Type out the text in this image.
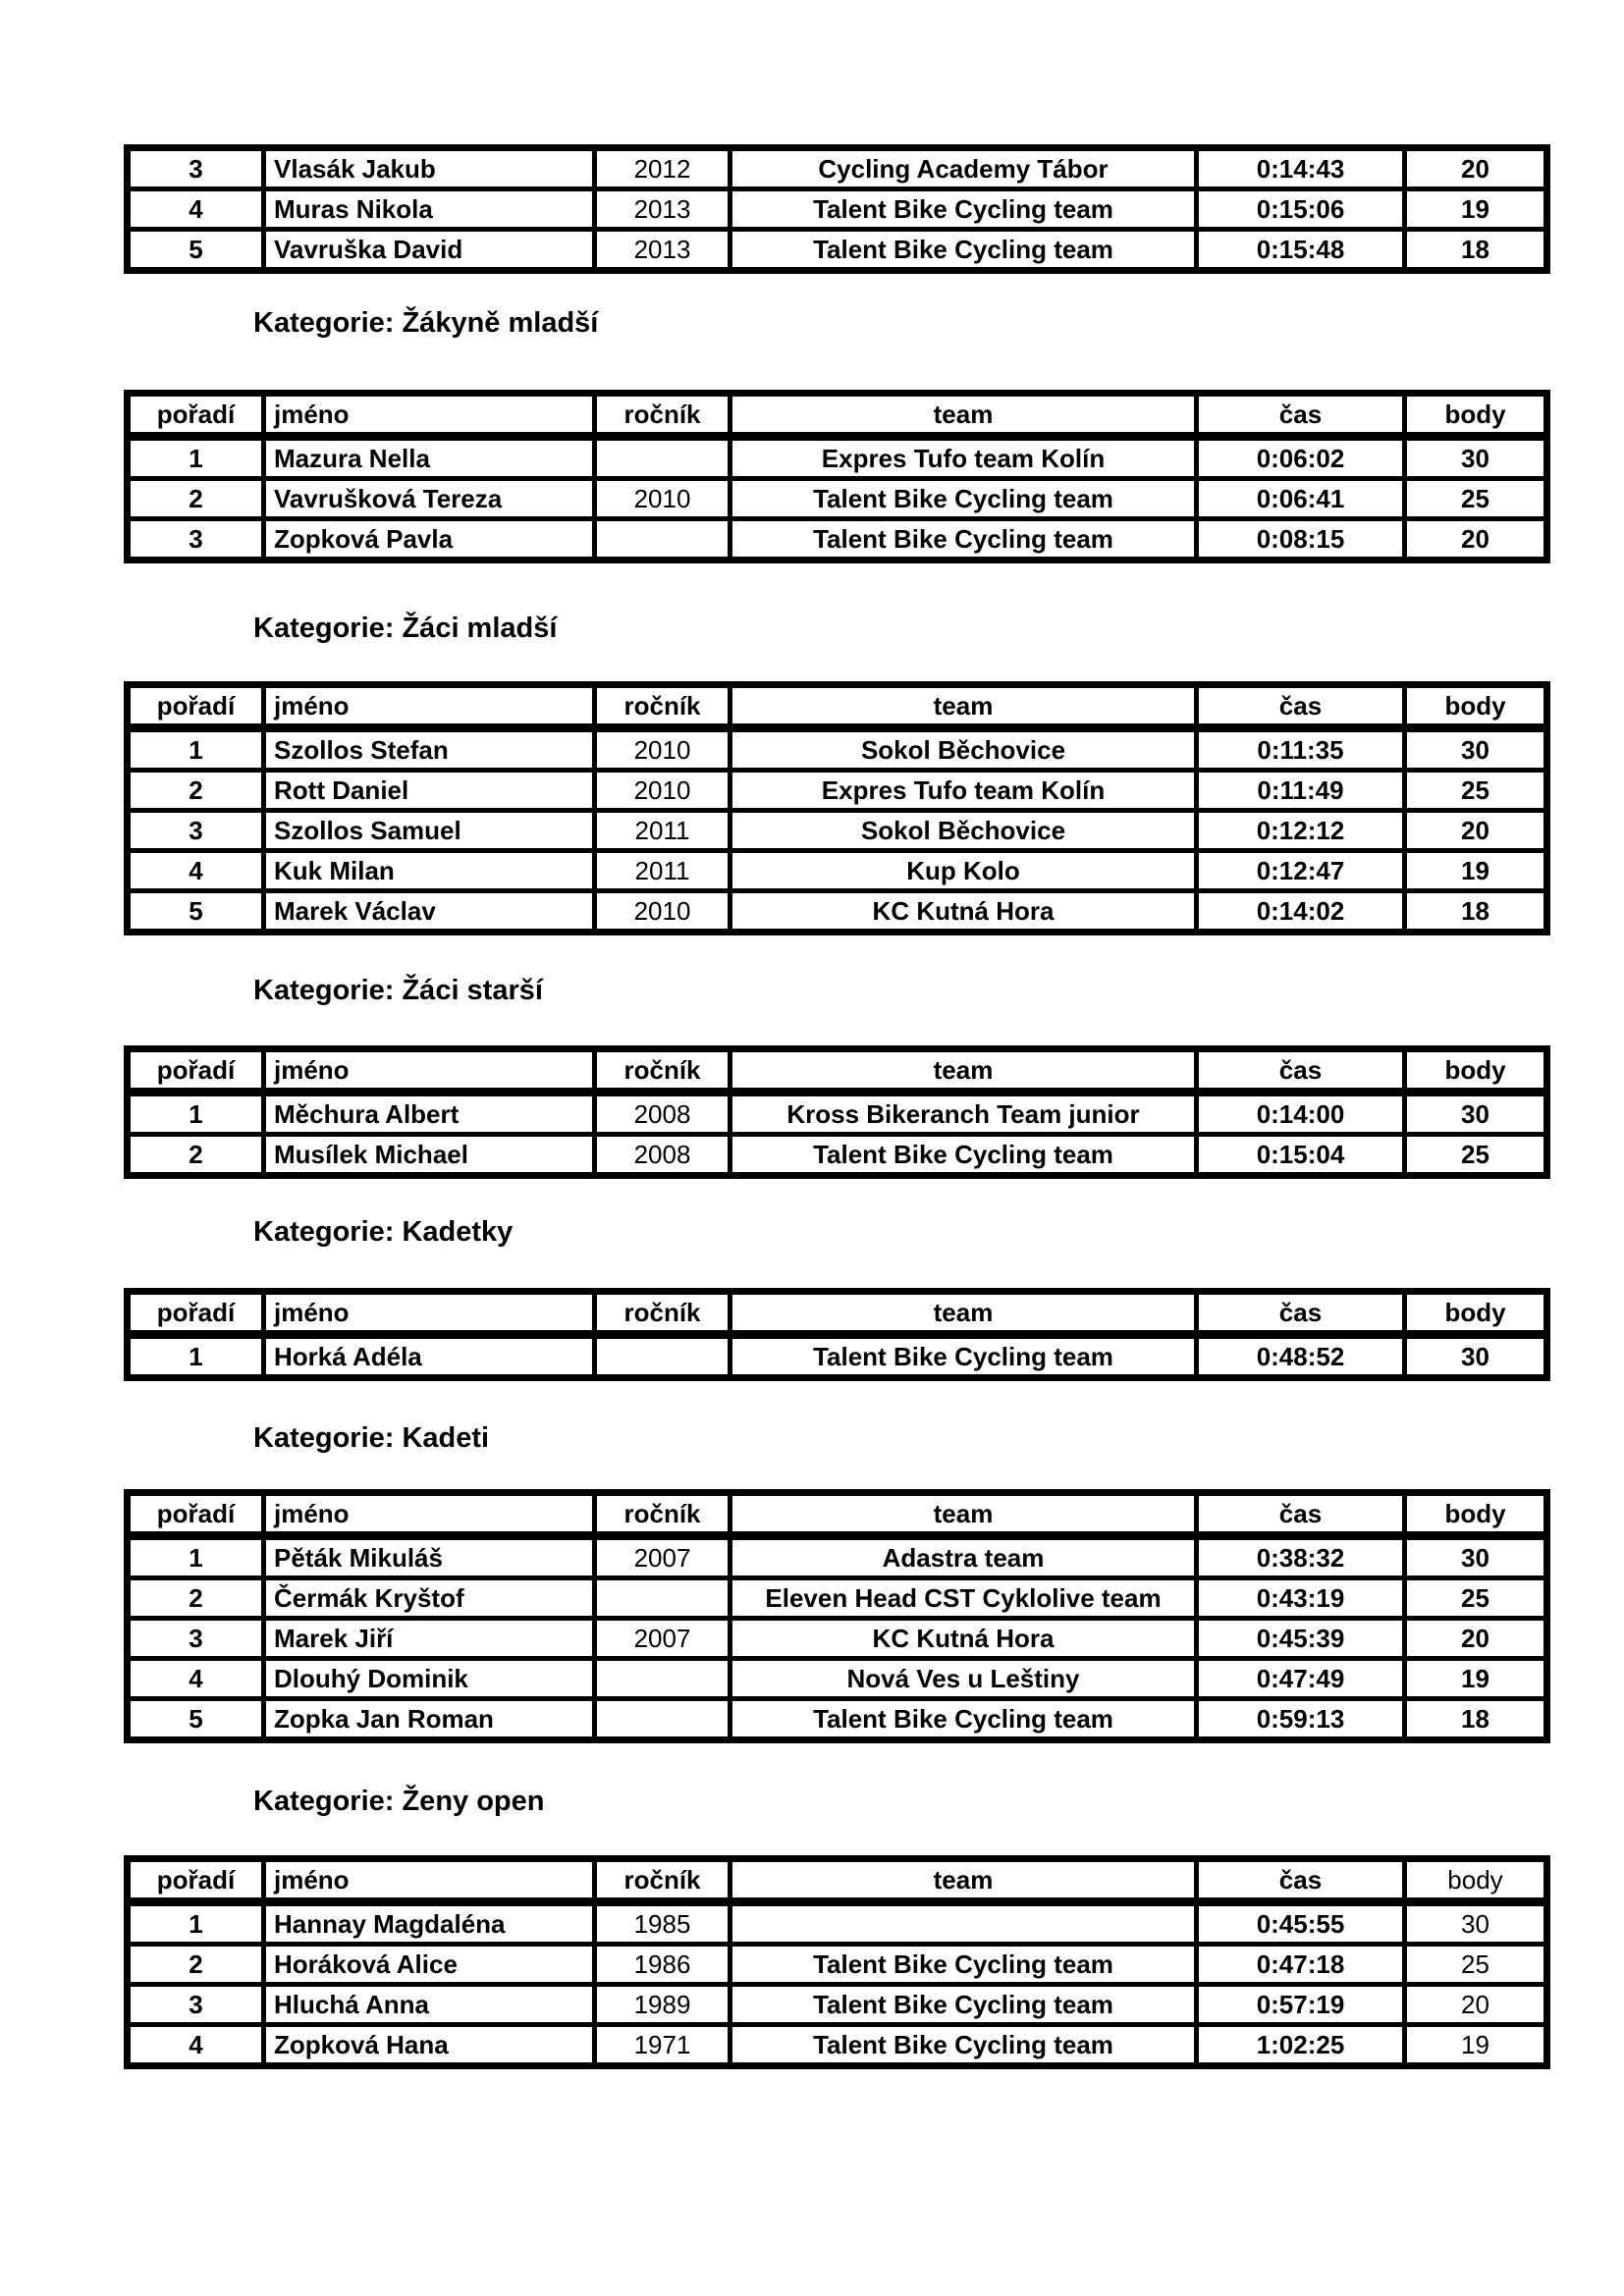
3	Vlasák Jakub	2012	Cycling Academy Tábor	0:14:43	20
4	Muras Nikola	2013	Talent Bike Cycling team	0:15:06	19
5	Vavruška David	2013	Talent Bike Cycling team	0:15:48	18
Kategorie: Žákyně mladší
pořadí	jméno	ročník	team	čas	body
1	Mazura Nella		Expres Tufo team Kolín	0:06:02	30
2	Vavrušková Tereza	2010	Talent Bike Cycling team	0:06:41	25
3	Zopková Pavla		Talent Bike Cycling team	0:08:15	20
Kategorie: Žáci mladší
pořadí	jméno	ročník	team	čas	body
1	Szollos Stefan	2010	Sokol Běchovice	0:11:35	30
2	Rott Daniel	2010	Expres Tufo team Kolín	0:11:49	25
3	Szollos Samuel	2011	Sokol Běchovice	0:12:12	20
4	Kuk Milan	2011	Kup Kolo	0:12:47	19
5	Marek Václav	2010	KC Kutná Hora	0:14:02	18
Kategorie: Žáci starší
pořadí	jméno	ročník	team	čas	body
1	Měchura Albert	2008	Kross Bikeranch Team junior	0:14:00	30
2	Musílek Michael	2008	Talent Bike Cycling team	0:15:04	25
Kategorie: Kadetky
pořadí	jméno	ročník	team	čas	body
1	Horká Adéla		Talent Bike Cycling team	0:48:52	30
Kategorie: Kadeti
pořadí	jméno	ročník	team	čas	body
1	Pěták Mikuláš	2007	Adastra team	0:38:32	30
2	Čermák Kryštof		Eleven Head CST Cyklolive team	0:43:19	25
3	Marek Jiří	2007	KC Kutná Hora	0:45:39	20
4	Dlouhý Dominik		Nová Ves u Leštiny	0:47:49	19
5	Zopka Jan Roman		Talent Bike Cycling team	0:59:13	18
Kategorie: Ženy open
pořadí	jméno	ročník	team	čas	body
1	Hannay Magdaléna	1985		0:45:55	30
2	Horáková Alice	1986	Talent Bike Cycling team	0:47:18	25
3	Hluchá Anna	1989	Talent Bike Cycling team	0:57:19	20
4	Zopková Hana	1971	Talent Bike Cycling team	1:02:25	19
